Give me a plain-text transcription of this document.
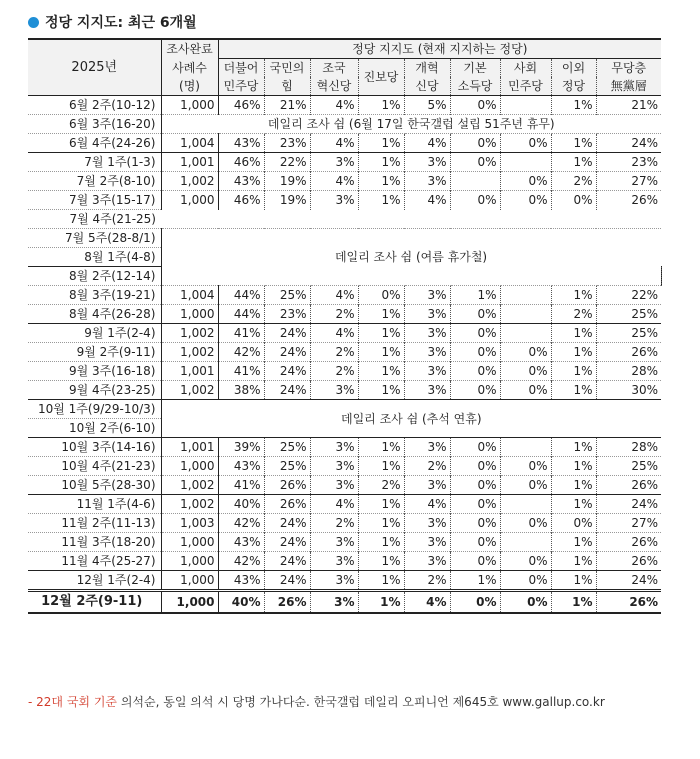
정당 지지도: 최근 6개월
2025년	조사완료	정당 지지도 (현재 지지하는 정당)									
	사례수	더불어	국민의	조국	진보당	개혁	기본	사회	이외	무당층	
	(명)	민주당	힘	혁신당		신당	소득당	민주당	정당	無黨層	
6월 2주(10-12)	1,000	46%	21%	4%	1%	5%	0%		1%	21%	
6월 3주(16-20)	데일리 조사 쉼 (6월 17일 한국갤럽 설립 51주년 휴무)										
6월 4주(24-26)	1,004	43%	23%	4%	1%	4%	0%	0%	1%	24%	
7월 1주(1-3)	1,001	46%	22%	3%	1%	3%	0%		1%	23%	
7월 2주(8-10)	1,002	43%	19%	4%	1%	3%		0%	2%	27%	
7월 3주(15-17)	1,000	46%	19%	3%	1%	4%	0%	0%	0%	26%	
7월 4주(21-25)											
7월 5주(28-8/1)	데일리 조사 쉼 (여름 휴가철)										
8월 1주(4-8)											
8월 2주(12-14)										
8월 3주(19-21)	1,004	44%	25%	4%	0%	3%	1%		1%	22%	
8월 4주(26-28)	1,000	44%	23%	2%	1%	3%	0%		2%	25%	
9월 1주(2-4)	1,002	41%	24%	4%	1%	3%	0%		1%	25%	
9월 2주(9-11)	1,002	42%	24%	2%	1%	3%	0%	0%	1%	26%	
9월 3주(16-18)	1,001	41%	24%	2%	1%	3%	0%	0%	1%	28%	
9월 4주(23-25)	1,002	38%	24%	3%	1%	3%	0%	0%	1%	30%	
10월 1주(9/29-10/3)	데일리 조사 쉼 (추석 연휴)										
10월 2주(6-10)											
10월 3주(14-16)	1,001	39%	25%	3%	1%	3%	0%		1%	28%	
10월 4주(21-23)	1,000	43%	25%	3%	1%	2%	0%	0%	1%	25%	
10월 5주(28-30)	1,002	41%	26%	3%	2%	3%	0%	0%	1%	26%	
11월 1주(4-6)	1,002	40%	26%	4%	1%	4%	0%		1%	24%	
11월 2주(11-13)	1,003	42%	24%	2%	1%	3%	0%	0%	0%	27%	
11월 3주(18-20)	1,000	43%	24%	3%	1%	3%	0%		1%	26%	
11월 4주(25-27)	1,000	42%	24%	3%	1%	3%	0%	0%	1%	26%	
12월 1주(2-4)	1,000	43%	24%	3%	1%	2%	1%	0%	1%	24%	
12월 2주(9-11)	1,000	40%	26%	3%	1%	4%	0%	0%	1%	26%	
- 22대 국회 기준 의석순, 동일 의석 시 당명 가나다순. 한국갤럽 데일리 오피니언 제645호 www.gallup.co.kr
